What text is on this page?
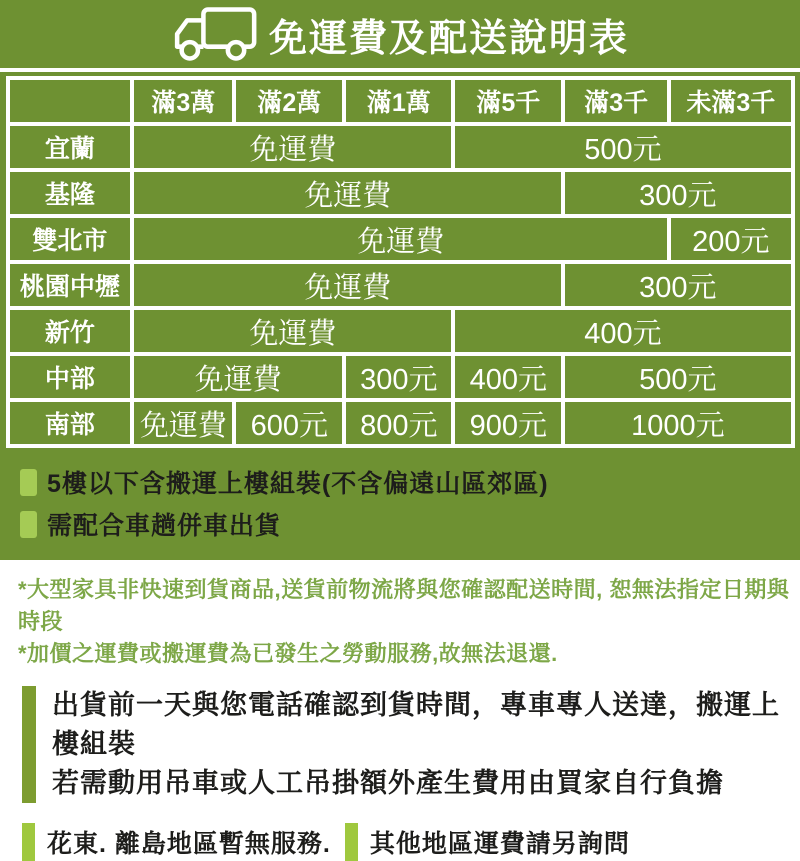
免運費及配送說明表
	滿3萬	滿2萬	滿1萬	滿5千	滿3千	未滿3千
宜蘭	免運費			500元		
基隆	免運費				300元	
雙北市	免運費					200元
桃園中壢	免運費				300元	
新竹	免運費			400元		
中部	免運費		300元	400元	500元	
南部	免運費	600元	800元	900元	1000元	
5樓以下含搬運上樓組裝(不含偏遠山區郊區)
需配合車趟併車出貨
*大型家具非快速到貨商品,送貨前物流將與您確認配送時間, 恕無法指定日期與時段
*加價之運費或搬運費為已發生之勞動服務,故無法退還.
出貨前一天與您電話確認到貨時間，專車專人送達，搬運上樓組裝
若需動用吊車或人工吊掛額外產生費用由買家自行負擔
花東. 離島地區暫無服務. 其他地區運費請另詢問
